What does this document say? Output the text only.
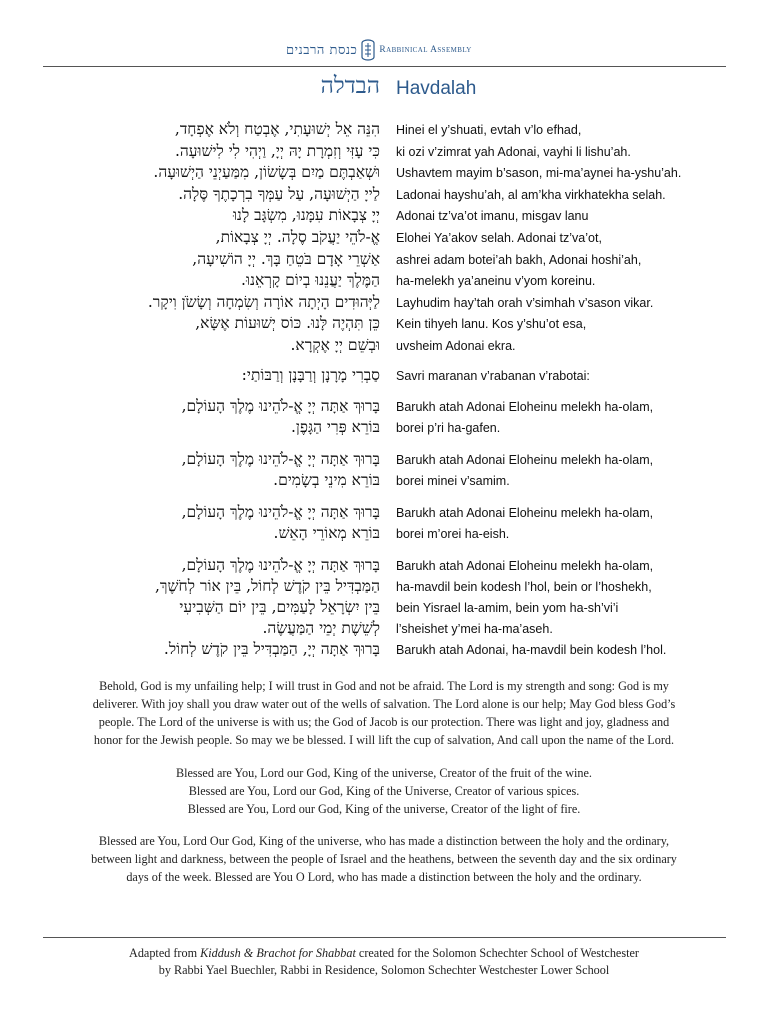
כנסת הרבנים Rabbinical Assembly
הבדלה Havdalah
הִנֵּה אֵל יְשׁוּעָתִי, אֶבְטַח וְלֹא אֶפְחָד, Hinei el y’shuati, evtah v’lo efhad,
כִּי עָזִּי וְזִמְרָת יָהּ יְיָ, וַיְהִי לִי לִישׁוּעָה. ki ozi v’zimrat yah Adonai, vayhi li lishu’ah.
וּשְׁאַבְתֶּם מַיִם בְּשָׂשׂוֹן, מִמַּעַיְנֵי הַיְשׁוּעָה. Ushavtem mayim b’sason, mi-ma’aynei ha-yshu’ah.
לַייָ הַיְשׁוּעָה, עַל עַמְּךָ בִרְכָתֶךָ סֶּלָה. Ladonai hayshu’ah, al am’kha virkhatekha selah.
יְיָ צְבָאוֹת עִמָּנוּ, מִשְׂגָּב לָנוּ Adonai tz’va’ot imanu, misgav lanu
אֱ-לֹהֵי יַעֲקֹב סֶלָה. יְיָ צְבָאוֹת, Elohei Ya’akov selah. Adonai tz’va’ot,
אַשְׁרֵי אָדָם בֹּטֵחַ בָּךְ. יְיָ הוֹשִׁיעָה, ashrei adam botei’ah bakh, Adonai hoshi’ah,
הַמֶּלֶךְ יַעֲנֵנוּ בְיוֹם קָרְאֵנוּ. ha-melekh ya’aneinu v’yom koreinu.
לַיְּהוּדִים הָיְתָה אוֹרָה וְשִׂמְחָה וְשָׂשֹׂן וִיקָר. Layhudim hay’tah orah v’simhah v’sason vikar.
כֵּן תִּהְיֶה לָּנוּ. כּוֹס יְשׁוּעוֹת אֶשָּׂא, Kein tihyeh lanu. Kos y’shu’ot esa,
וּבְשֵׁם יְיָ אֶקְרָא. uvsheim Adonai ekra.
סַבְרִי מָרָנָן וְרַבָּנָן וְרַבּוֹתַי: Savri maranan v’rabanan v’rabotai:
בָּרוּךְ אַתָּה יְיָ אֱ-לֹהֵינוּ מֶלֶךְ הָעוֹלָם, Barukh atah Adonai Eloheinu melekh ha-olam,
בּוֹרֵא פְּרִי הַגָּפֶן. borei p’ri ha-gafen.
בָּרוּךְ אַתָּה יְיָ אֱ-לֹהֵינוּ מֶלֶךְ הָעוֹלָם, Barukh atah Adonai Eloheinu melekh ha-olam,
בּוֹרֵא מִינֵי בְשָׂמִים. borei minei v’samim.
בָּרוּךְ אַתָּה יְיָ אֱ-לֹהֵינוּ מֶלֶךְ הָעוֹלָם, Barukh atah Adonai Eloheinu melekh ha-olam,
בּוֹרֵא מְאוֹרֵי הָאֵשׁ. borei m’orei ha-eish.
בָּרוּךְ אַתָּה יְיָ אֱ-לֹהֵינוּ מֶלֶךְ הָעוֹלָם, Barukh atah Adonai Eloheinu melekh ha-olam,
הַמַּבְדִּיל בֵּין קֹדֶשׁ לְחוֹל, בֵּין אוֹר לְחֹשֶׁךְ, ha-mavdil bein kodesh l’hol, bein or l’hoshekh,
בֵּין יִשְׂרָאֵל לָעַמִּים, בֵּין יוֹם הַשְּׁבִיעִי bein Yisrael la-amim, bein yom ha-sh’vi’i
לְשֵׁשֶׁת יְמֵי הַמַּעֲשֶׂה. l’sheishet y’mei ha-ma’aseh.
בָּרוּךְ אַתָּה יְיָ, הַמַּבְדִּיל בֵּין קֹדֶשׁ לְחוֹל. Barukh atah Adonai, ha-mavdil bein kodesh l’hol.
Behold, God is my unfailing help; I will trust in God and not be afraid. The Lord is my strength and song: God is my
deliverer. With joy shall you draw water out of the wells of salvation. The Lord alone is our help; May God bless God’s
people. The Lord of the universe is with us; the God of Jacob is our protection. There was light and joy, gladness and
honor for the Jewish people. So may we be blessed. I will lift the cup of salvation, And call upon the name of the Lord.
Blessed are You, Lord our God, King of the universe, Creator of the fruit of the wine.
Blessed are You, Lord our God, King of the Universe, Creator of various spices.
Blessed are You, Lord our God, King of the universe, Creator of the light of fire.
Blessed are You, Lord Our God, King of the universe, who has made a distinction between the holy and the ordinary,
between light and darkness, between the people of Israel and the heathens, between the seventh day and the six ordinary
days of the week. Blessed are You O Lord, who has made a distinction between the holy and the ordinary.
Adapted from Kiddush & Brachot for Shabbat created for the Solomon Schechter School of Westchester
by Rabbi Yael Buechler, Rabbi in Residence, Solomon Schechter Westchester Lower School
